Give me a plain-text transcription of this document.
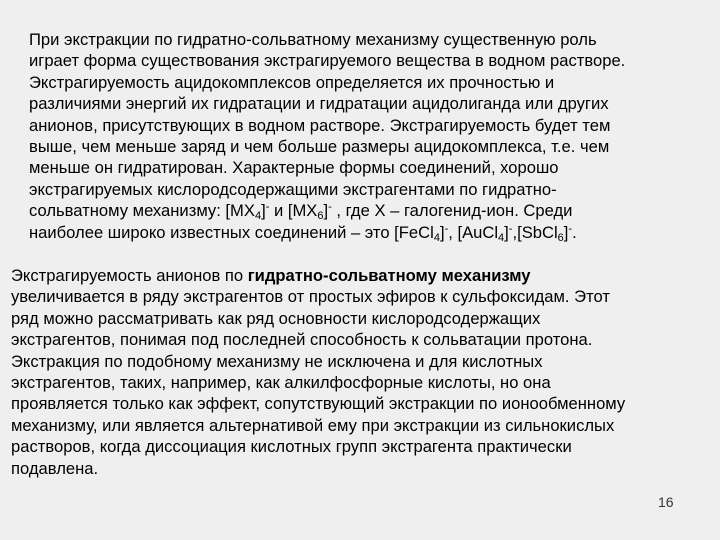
При экстракции по гидратно-сольватному механизму существенную роль
играет форма существования экстрагируемого вещества в водном растворе.
Экстрагируемость ацидокомплексов определяется их прочностью и
различиями энергий их гидратации и гидратации ацидолиганда или других
анионов, присутствующих в водном растворе. Экстрагируемость будет тем
выше, чем меньше заряд и чем больше размеры ацидокомплекса, т.е. чем
меньше он гидратирован. Характерные формы соединений, хорошо
экстрагируемых кислородсодержащими экстрагентами по гидратно-
сольватному механизму: $[MX_4]^-$ и $[MX_6]^-$ , где Х – галогенид-ион. Среди
наиболее широко известных соединений – это [FeCl$_4$]-, [AuCl$_4$]-,[SbCl$_6$]-.
Экстрагируемость анионов по гидратно-сольватному механизму
увеличивается в ряду экстрагентов от простых эфиров к сульфоксидам. Этот
ряд можно рассматривать как ряд основности кислородсодержащих
экстрагентов, понимая под последней способность к сольватации протона.
Экстракция по подобному механизму не исключена и для кислотных
экстрагентов, таких, например, как алкилфосфорные кислоты, но она
проявляется только как эффект, сопутствующий экстракции по ионообменному
механизму, или является альтернативой ему при экстракции из сильнокислых
растворов, когда диссоциация кислотных групп экстрагента практически
подавлена.
16
